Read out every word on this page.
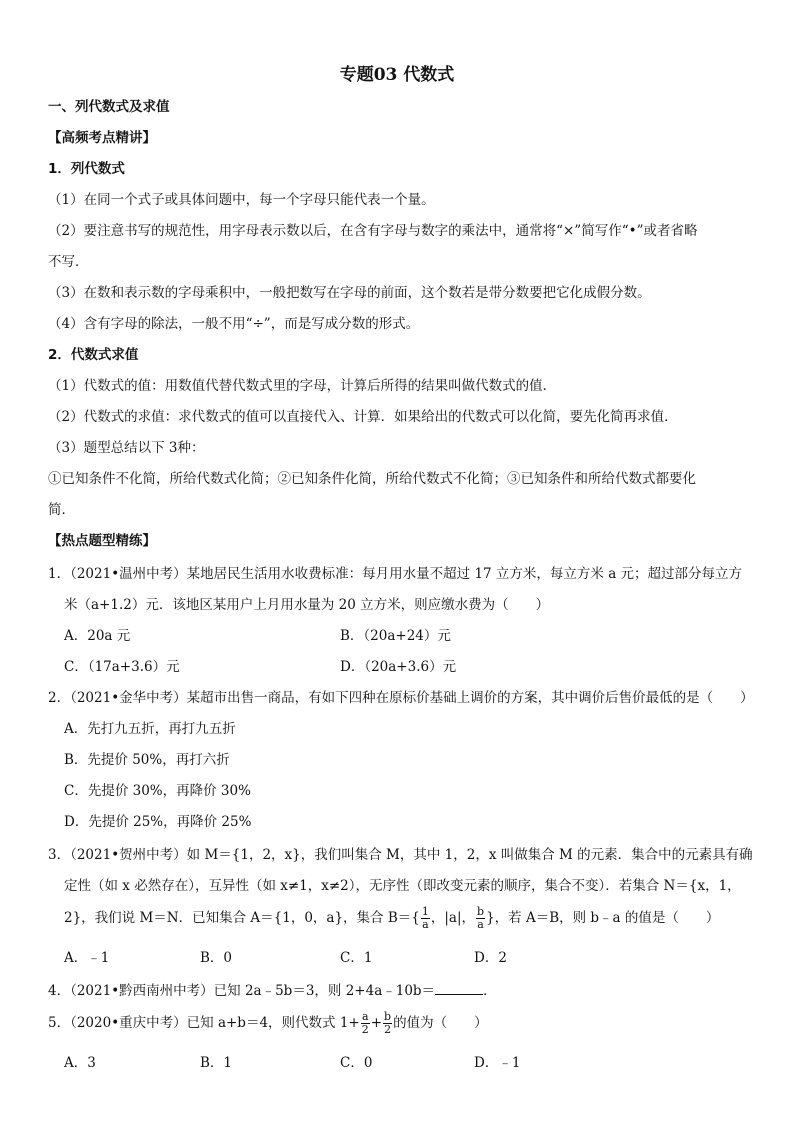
专题03 代数式
一、列代数式及求值
【高频考点精讲】
1．列代数式
（1）在同一个式子或具体问题中，每一个字母只能代表一个量。
（2）要注意书写的规范性，用字母表示数以后，在含有字母与数字的乘法中，通常将“×”简写作“•”或者省略
不写．
（3）在数和表示数的字母乘积中，一般把数写在字母的前面，这个数若是带分数要把它化成假分数。
（4）含有字母的除法，一般不用“÷”，而是写成分数的形式。
2．代数式求值
（1）代数式的值：用数值代替代数式里的字母，计算后所得的结果叫做代数式的值．
（2）代数式的求值：求代数式的值可以直接代入、计算．如果给出的代数式可以化简，要先化简再求值．
（3）题型总结以下 3种：
①已知条件不化简，所给代数式化简；②已知条件化简，所给代数式不化简；③已知条件和所给代数式都要化
简．
【热点题型精练】
1．（2021•温州中考）某地居民生活用水收费标准：每月用水量不超过 17 立方米，每立方米 a 元；超过部分每立方
米（a+1.2）元．该地区某用户上月用水量为 20 立方米，则应缴水费为（　　）
A．20a 元	B．（20a+24）元
C．（17a+3.6）元	D．（20a+3.6）元
2．（2021•金华中考）某超市出售一商品，有如下四种在原标价基础上调价的方案，其中调价后售价最低的是（　　）
A．先打九五折，再打九五折
B．先提价 50%，再打六折
C．先提价 30%，再降价 30%
D．先提价 25%，再降价 25%
3．（2021•贺州中考）如 M＝{1，2，x}，我们叫集合 M，其中 1，2，x 叫做集合 M 的元素．集合中的元素具有确
定性（如 x 必然存在），互异性（如 x≠1，x≠2），无序性（即改变元素的顺序，集合不变）．若集合 N＝{x，1，
2}，我们说 M＝N．已知集合 A＝{1，0，a}，集合 $B=\{ \frac{1}{a}$ ，|a|， $\frac{b}{a}$ }，若 A＝B，则 b﹣a 的值是（　　）
A．﹣1	B．0	C．1	D．2
4．（2021•黔西南州中考）已知 2a﹣5b＝3，则 2+4a﹣10b＝	．
5．（2020•重庆中考）已知 a+b＝4，则代数式 $1+ \frac{a}{2} + \frac{b}{2}$ 的值为（　　）
A．3	B．1	C．0	D．﹣1
